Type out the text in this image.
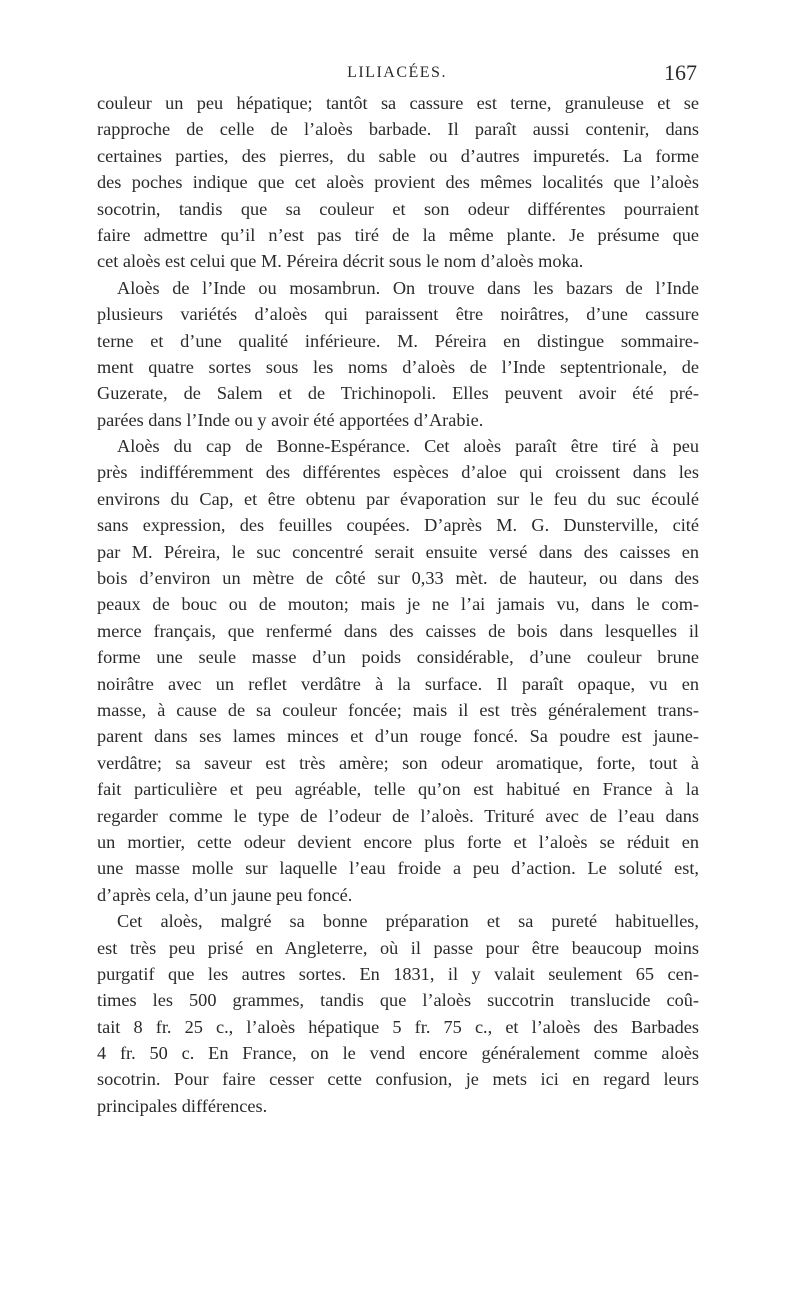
LILIACÉES.	167
couleur un peu hépatique; tantôt sa cassure est terne, granuleuse et se
rapproche de celle de l’aloès barbade. Il paraît aussi contenir, dans
certaines parties, des pierres, du sable ou d’autres impuretés. La forme
des poches indique que cet aloès provient des mêmes localités que l’aloès
socotrin, tandis que sa couleur et son odeur différentes pourraient
faire admettre qu’il n’est pas tiré de la même plante. Je présume que
cet aloès est celui que M. Péreira décrit sous le nom d’aloès moka.
Aloès de l’Inde ou mosambrun. On trouve dans les bazars de l’Inde
plusieurs variétés d’aloès qui paraissent être noirâtres, d’une cassure
terne et d’une qualité inférieure. M. Péreira en distingue sommaire-
ment quatre sortes sous les noms d’aloès de l’Inde septentrionale, de
Guzerate, de Salem et de Trichinopoli. Elles peuvent avoir été pré-
parées dans l’Inde ou y avoir été apportées d’Arabie.
Aloès du cap de Bonne-Espérance. Cet aloès paraît être tiré à peu
près indifféremment des différentes espèces d’aloe qui croissent dans les
environs du Cap, et être obtenu par évaporation sur le feu du suc écoulé
sans expression, des feuilles coupées. D’après M. G. Dunsterville, cité
par M. Péreira, le suc concentré serait ensuite versé dans des caisses en
bois d’environ un mètre de côté sur 0,33 mèt. de hauteur, ou dans des
peaux de bouc ou de mouton; mais je ne l’ai jamais vu, dans le com-
merce français, que renfermé dans des caisses de bois dans lesquelles il
forme une seule masse d’un poids considérable, d’une couleur brune
noirâtre avec un reflet verdâtre à la surface. Il paraît opaque, vu en
masse, à cause de sa couleur foncée; mais il est très généralement trans-
parent dans ses lames minces et d’un rouge foncé. Sa poudre est jaune-
verdâtre; sa saveur est très amère; son odeur aromatique, forte, tout à
fait particulière et peu agréable, telle qu’on est habitué en France à la
regarder comme le type de l’odeur de l’aloès. Trituré avec de l’eau dans
un mortier, cette odeur devient encore plus forte et l’aloès se réduit en
une masse molle sur laquelle l’eau froide a peu d’action. Le soluté est,
d’après cela, d’un jaune peu foncé.
Cet aloès, malgré sa bonne préparation et sa pureté habituelles,
est très peu prisé en Angleterre, où il passe pour être beaucoup moins
purgatif que les autres sortes. En 1831, il y valait seulement 65 cen-
times les 500 grammes, tandis que l’aloès succotrin translucide coû-
tait 8 fr. 25 c., l’aloès hépatique 5 fr. 75 c., et l’aloès des Barbades
4 fr. 50 c. En France, on le vend encore généralement comme aloès
socotrin. Pour faire cesser cette confusion, je mets ici en regard leurs
principales différences.
